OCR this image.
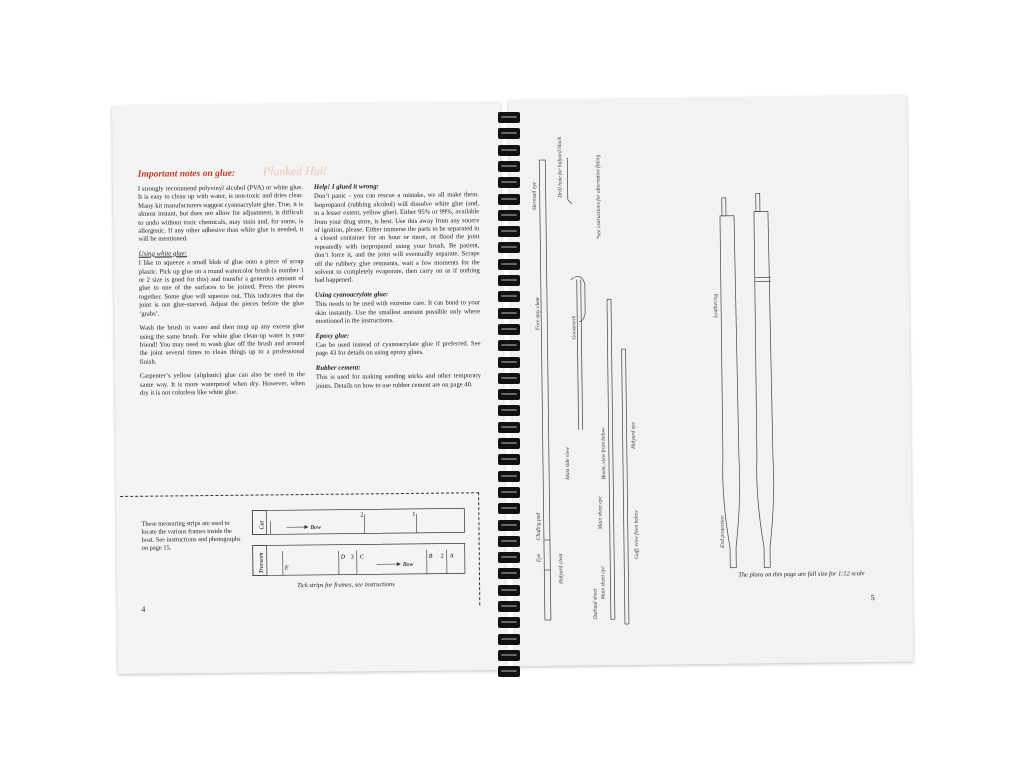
Planked Hull
Important notes on glue:

I strongly recommend polyvinyl alcohol (PVA) or white glue. It is easy to clean up with water, is non-toxic and dries clear. Many kit manufacturers suggest cyanoacrylate glue. True, it is almost instant, but does not allow for adjustment, is difficult to undo without toxic chemicals, may stain and, for some, is allergenic. If any other adhesive than white glue is needed, it will be mentioned.

Using white glue:

I like to squeeze a small blob of glue onto a piece of scrap plastic. Pick up glue on a round watercolor brush (a number 1 or 2 size is good for this) and transfer a generous amount of glue to one of the surfaces to be joined. Press the pieces together. Some glue will squeeze out. This indicates that the joint is not glue-starved. Adjust the pieces before the glue ‘grabs’.

Wash the brush in water and then mop up any excess glue using the same brush. For white glue clean-up water is your friend! You may need to wash glue off the brush and around the joint several times to clean things up to a professional finish.

Carpenter’s yellow (aliphatic) glue can also be used in the same way. It is more waterproof when dry. However, when dry it is not colorless like white glue.

Help! I glued it wrong:

Don’t panic - you can rescue a mistake, we all make them. Isopropanol (rubbing alcohol) will dissolve white glue (and, to a lesser extent, yellow glue). Either 95% or 99%, available from your drug store, is best. Use this away from any source of ignition, please. Either immerse the parts to be separated in a closed container for an hour or more, or flood the joint repeatedly with isopropanol using your brush. Be patient, don’t force it, and the joint will eventually separate. Scrape off the rubbery glue remnants, wait a few moments for the solvent to completely evaporate, then carry on as if nothing had happened.

Using cyanoacrylate glue:

This needs to be used with extreme care. It can bond to your skin instantly. Use the smallest amount possible only where mentioned in the instructions.

Epoxy glue:

Can be used instead of cyanoacrylate glue if preferred. See page 43 for details on using epoxy glues.

Rubber cement:

This is used for making sanding sticks and other temporary joints. Details on how to use rubber cement are on page 40.

These measuring strips are used to locate the various frames inside the boat. See instructions and photographs on page 15.
Cut	Bow
2	1
Transom	E
D 3 C
Bow
B 2 A
Tick strips for frames, see instructions
4
Sternsail eye	Drill hole for halyard block
Fore stay cleat
*see instructions for alternative fitting
Gooseneck
Mast side view	Boom, view from below
Main sheet eye
Halyard eye
Gaff, view from below
Eye
Chafing pad
Halyard cleat
Outhaul sheet
Main sheet eye
Leathering
End protection
The plans on this page are full size for 1:12 scale
5
